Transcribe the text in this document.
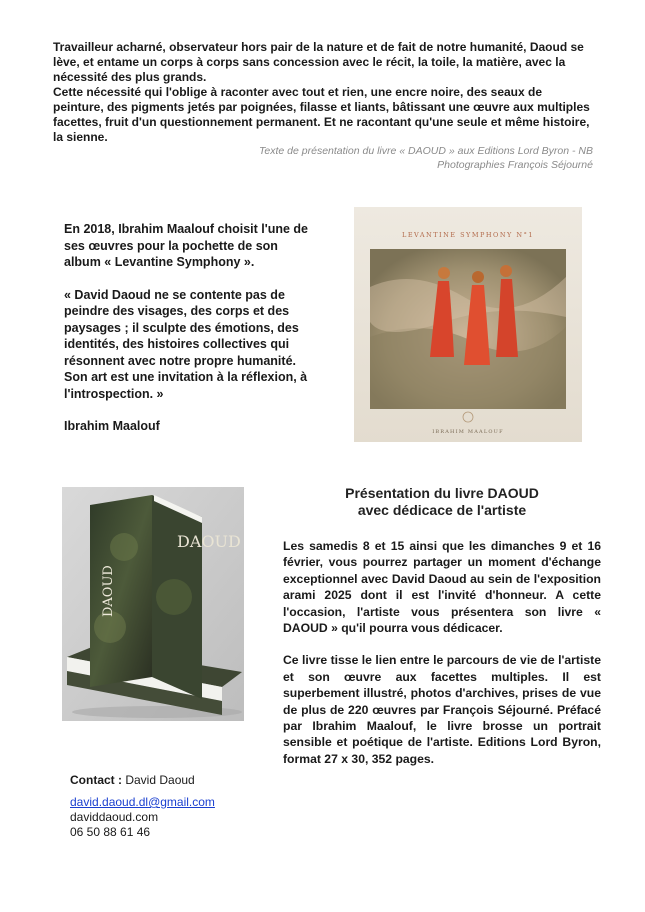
Travailleur acharné, observateur hors pair de la nature et de fait de notre humanité, Daoud se lève, et entame un corps à corps sans concession avec le récit, la toile, la matière, avec la nécessité des plus grands.

Cette nécessité qui l'oblige à raconter avec tout et rien, une encre noire, des seaux de peinture, des pigments jetés par poignées, filasse et liants, bâtissant une œuvre aux multiples facettes, fruit d'un questionnement permanent. Et ne racontant qu'une seule et même histoire, la sienne.

Texte de présentation du livre « DAOUD » aux Editions Lord Byron - NB
Photographies François Séjourné

En 2018, Ibrahim Maalouf choisit l'une de ses œuvres pour la pochette de son album « Levantine Symphony ».

« David Daoud ne se contente pas de peindre des visages, des corps et des paysages ; il sculpte des émotions, des identités, des histoires collectives qui résonnent avec notre propre humanité. Son art est une invitation à la réflexion, à l'introspection. »

Ibrahim Maalouf

LEVANTINE SYMPHONY N°1
IBRAHIM MAALOUF
DAOUD
DAOUD
Présentation du livre DAOUD
avec dédicace de l'artiste

Les samedis 8 et 15 ainsi que les dimanches 9 et 16 février, vous pourrez partager un moment d'échange exceptionnel avec David Daoud au sein de l'exposition arami 2025 dont il est l'invité d'honneur. A cette l'occasion, l'artiste vous présentera son livre « DAOUD » qu'il pourra vous dédicacer.

Ce livre tisse le lien entre le parcours de vie de l'artiste et son œuvre aux facettes multiples. Il est superbement illustré, photos d'archives, prises de vue de plus de 220 œuvres par François Séjourné. Préfacé par Ibrahim Maalouf, le livre brosse un portrait sensible et poétique de l'artiste. Editions Lord Byron, format 27 x 30, 352 pages.

Contact : David Daoud
david.daoud.dl@gmail.com
daviddaoud.com
06 50 88 61 46
